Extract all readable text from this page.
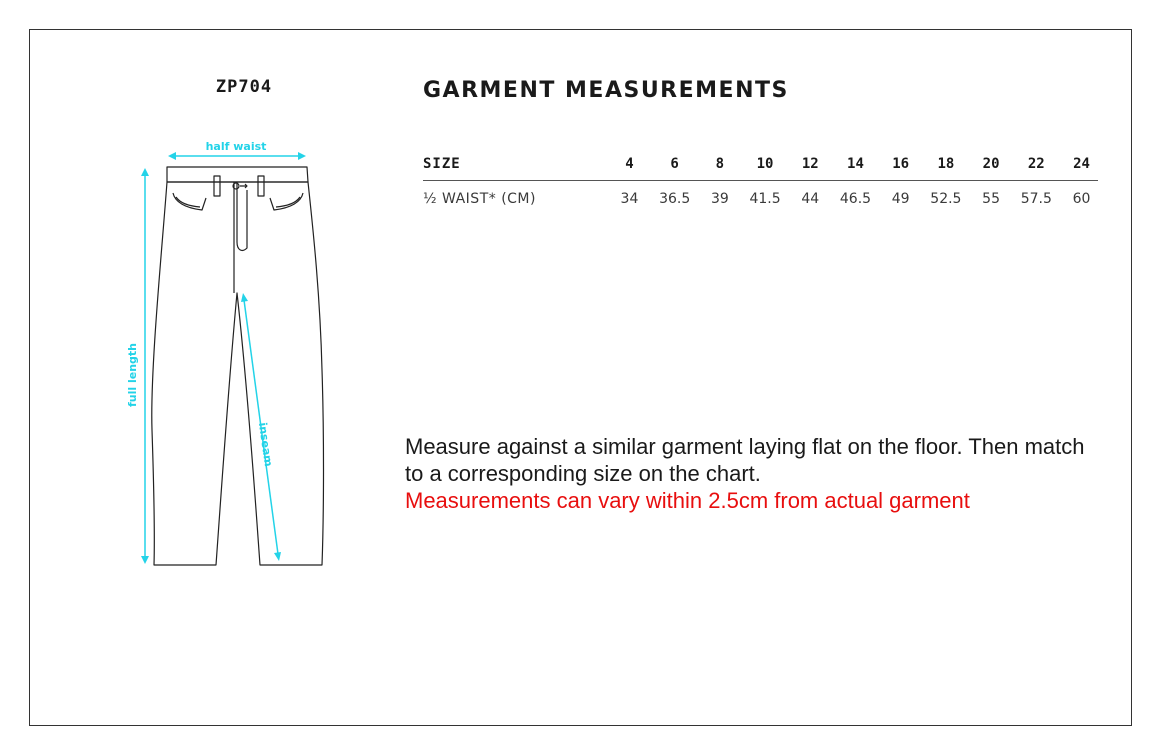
ZP704
half waist
full length
inseam
GARMENT MEASUREMENTS
SIZE	4	6	8	10	12	14	16	18	20	22	24
½ WAIST* (CM)	34	36.5	39	41.5	44	46.5	49	52.5	55	57.5	60

Measure against a similar garment laying flat on the floor. Then match to a corresponding size on the chart.

Measurements can vary within 2.5cm from actual garment
